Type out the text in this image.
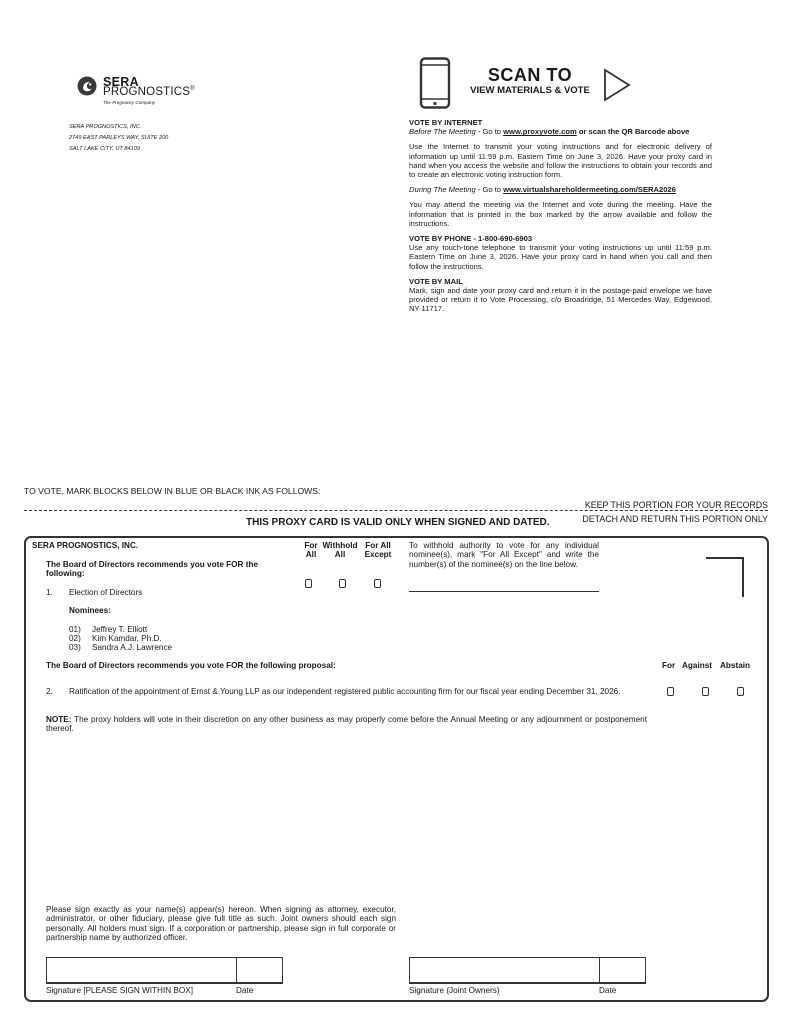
SERA
PROGNOSTICS®
The Pregnancy Company
SERA PROGNOSTICS, INC.
2749 EAST PARLEYS WAY, SUITE 200
SALT LAKE CITY, UT 84109
SCAN TO
VIEW MATERIALS & VOTE

VOTE BY INTERNET

Before The Meeting - Go to www.proxyvote.com or scan the QR Barcode above

Use the Internet to transmit your voting instructions and for electronic delivery of information up until 11:59 p.m. Eastern Time on June 3, 2026. Have your proxy card in hand when you access the website and follow the instructions to obtain your records and to create an electronic voting instruction form.

During The Meeting - Go to www.virtualshareholdermeeting.com/SERA2026

You may attend the meeting via the Internet and vote during the meeting. Have the information that is printed in the box marked by the arrow available and follow the instructions.

VOTE BY PHONE - 1-800-690-6903

Use any touch-tone telephone to transmit your voting instructions up until 11:59 p.m. Eastern Time on June 3, 2026. Have your proxy card in hand when you call and then follow the instructions.

VOTE BY MAIL

Mark, sign and date your proxy card and return it in the postage-paid envelope we have provided or return it to Vote Processing, c/o Broadridge, 51 Mercedes Way, Edgewood, NY 11717.

TO VOTE, MARK BLOCKS BELOW IN BLUE OR BLACK INK AS FOLLOWS:
KEEP THIS PORTION FOR YOUR RECORDS
DETACH AND RETURN THIS PORTION ONLY
THIS PROXY CARD IS VALID ONLY WHEN SIGNED AND DATED.
SERA PROGNOSTICS, INC.
The Board of Directors recommends you vote FOR the following:
For
All
Withhold
All
For All
Except
To withhold authority to vote for any individual nominee(s), mark "For All Except" and write the number(s) of the nominee(s) on the line below.
1. Election of Directors
Nominees:
01) Jeffrey T. Elliott
02) Kim Kamdar, Ph.D.
03) Sandra A.J. Lawrence
The Board of Directors recommends you vote FOR the following proposal:	For Against Abstain
2. Ratification of the appointment of Ernst & Young LLP as our independent registered public accounting firm for our fiscal year ending December 31, 2026.
NOTE: The proxy holders will vote in their discretion on any other business as may properly come before the Annual Meeting or any adjournment or postponement thereof.
Please sign exactly as your name(s) appear(s) hereon. When signing as attorney, executor, administrator, or other fiduciary, please give full title as such. Joint owners should each sign personally. All holders must sign. If a corporation or partnership, please sign in full corporate or partnership name by authorized officer.
Signature [PLEASE SIGN WITHIN BOX]	Date	Signature (Joint Owners)	Date
